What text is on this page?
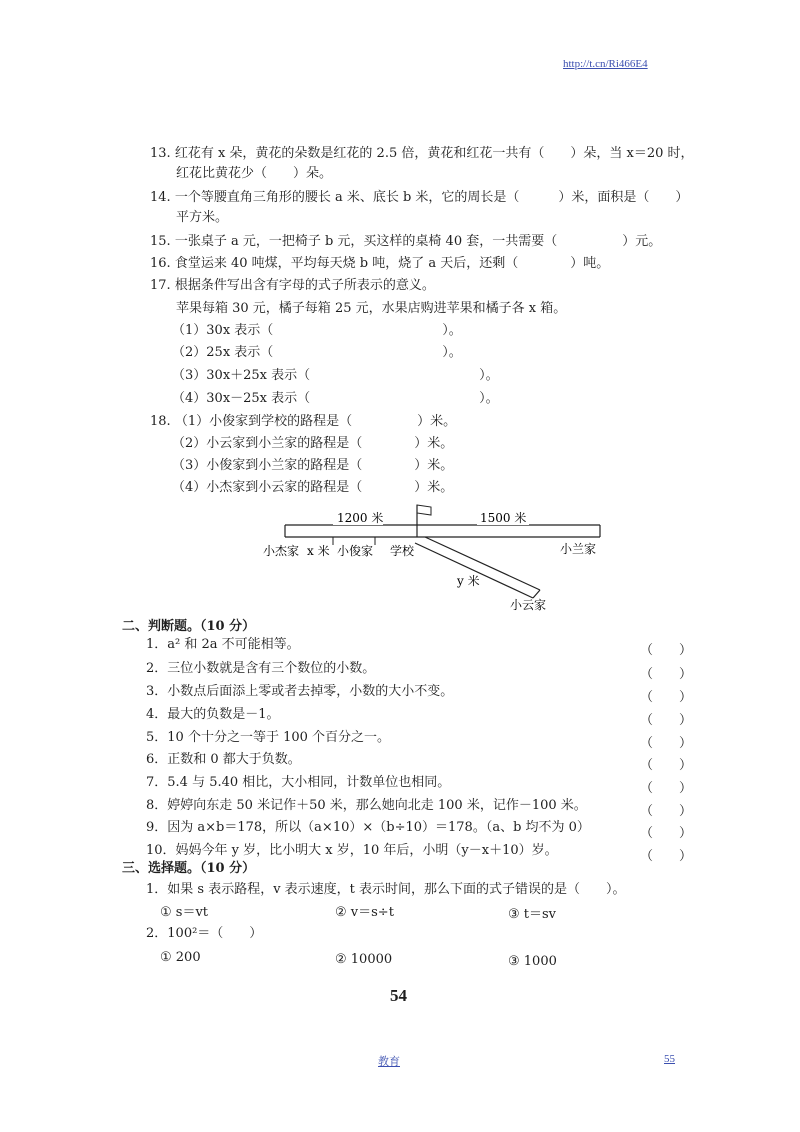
http://t.cn/Ri466E4
13. 红花有 x 朵，黄花的朵数是红花的 2.5 倍，黄花和红花一共有（　　）朵，当 x＝20 时，
红花比黄花少（　　）朵。
14. 一个等腰直角三角形的腰长 a 米、底长 b 米，它的周长是（　　　）米，面积是（　　）
平方米。
15. 一张桌子 a 元，一把椅子 b 元，买这样的桌椅 40 套，一共需要（　　　　　）元。
16. 食堂运来 40 吨煤，平均每天烧 b 吨，烧了 a 天后，还剩（　　　　）吨。
17. 根据条件写出含有字母的式子所表示的意义。
苹果每箱 30 元，橘子每箱 25 元，水果店购进苹果和橘子各 x 箱。
（1）30x 表示（　　　　　　　　　　　　　）。
（2）25x 表示（　　　　　　　　　　　　　）。
（3）30x＋25x 表示（　　　　　　　　　　　　　）。
（4）30x－25x 表示（　　　　　　　　　　　　　）。
18. （1）小俊家到学校的路程是（　　　　　）米。
（2）小云家到小兰家的路程是（　　　　）米。
（3）小俊家到小兰家的路程是（　　　　）米。
（4）小杰家到小云家的路程是（　　　　）米。
1200 米	1500 米
小杰家 x 米 小俊家 学校	小兰家
y 米
小云家
二、判断题。（10 分）
1．a² 和 2a 不可能相等。	（　　）
2．三位小数就是含有三个数位的小数。	（　　）
3．小数点后面添上零或者去掉零，小数的大小不变。	（　　）
4．最大的负数是－1。	（　　）
5．10 个十分之一等于 100 个百分之一。	（　　）
6．正数和 0 都大于负数。	（　　）
7．5.4 与 5.40 相比，大小相同，计数单位也相同。	（　　）
8．婷婷向东走 50 米记作＋50 米，那么她向北走 100 米，记作－100 米。	（　　）
9．因为 a×b＝178，所以（a×10）×（b÷10）＝178。（a、b 均不为 0）	（　　）
10．妈妈今年 y 岁，比小明大 x 岁，10 年后，小明（y－x＋10）岁。	（　　）
三、选择题。（10 分）
1．如果 s 表示路程，v 表示速度，t 表示时间，那么下面的式子错误的是（　　）。
① s＝vt	② v＝s÷t	③ t＝sv
2．100²＝（　　）
① 200	② 10000	③ 1000
54
教育	55
